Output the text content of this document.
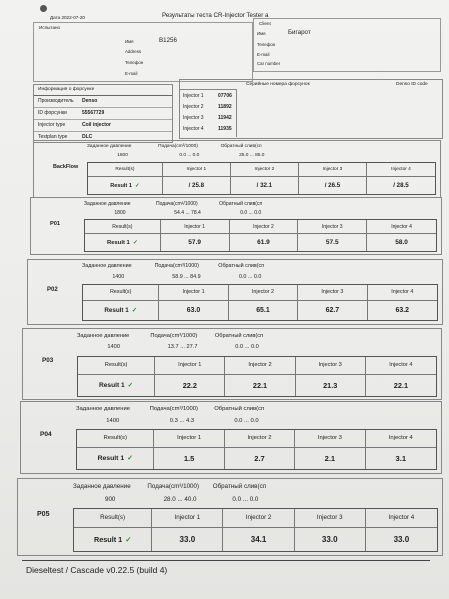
Дата 2022-07-20	Результаты теста CR-Injector Tester a
Испытано
Имя	B1256
Address
Телефон
E-mail
Client
Имя	Бигарот
Телефон
E-mail
Car number
Информация о форсунке
Производитель Denso
ID форсунки	55567729
Injector type	Coil injector
Testplan type	DLC
Серийные номера форсунок	Denso ID code
Injector 1	07706
Injector 2	11892
Injector 3	11942
Injector 4	11935
BackFlow
Заданное давление	Подача(cm³/1000)	Обратный слив(cп
1600	0.0 ... 0.0	25.0 ... 85.0
Result(s)	Injector 1	Injector 2	Injector 3	Injector 4
Result 1 ✓	/ 25.8	/ 32.1	/ 26.5	/ 28.5
P01
Заданное давление	Подача(cm³/1000)	Обратный слив(cп
1800	54.4 ... 78.4	0.0 ... 0.0
Result(s)	Injector 1	Injector 2	Injector 3	Injector 4
Result 1 ✓	57.9	61.9	57.5	58.0
P02
Заданное давление	Подача(cm³/1000)	Обратный слив(cп
1400	58.9 ... 84.9	0.0 ... 0.0
Result(s)	Injector 1	Injector 2	Injector 3	Injector 4
Result 1 ✓	63.0	65.1	62.7	63.2
P03
Заданное давление	Подача(cm³/1000)	Обратный слив(cп
1400	13.7 ... 27.7	0.0 ... 0.0
Result(s)	Injector 1	Injector 2	Injector 3	Injector 4
Result 1 ✓	22.2	22.1	21.3	22.1
P04
Заданное давление	Подача(cm³/1000)	Обратный слив(cп
1400	0.3 ... 4.3	0.0 ... 0.0
Result(s)	Injector 1	Injector 2	Injector 3	Injector 4
Result 1 ✓	1.5	2.7	2.1	3.1
P05
Заданное давление	Подача(cm³/1000)	Обратный слив(cп
900	28.0 ... 40.0	0.0 ... 0.0
Result(s)	Injector 1	Injector 2	Injector 3	Injector 4
Result 1 ✓	33.0	34.1	33.0	33.0
Dieseltest / Cascade v0.22.5 (build 4)
